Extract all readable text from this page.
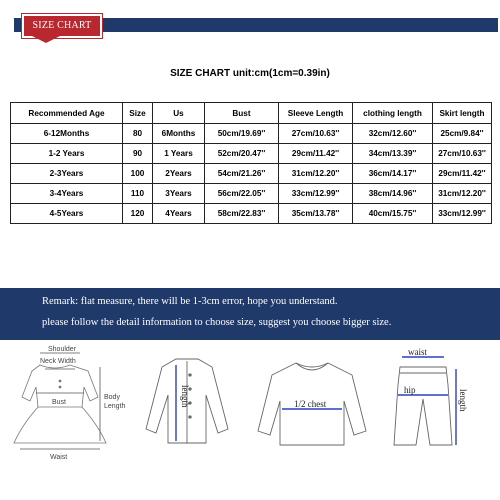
SIZE CHART
SIZE CHART unit:cm(1cm=0.39in)
Recommended Age	Size	Us	Bust	Sleeve Length	clothing length	Skirt length
6-12Months	80	6Months	50cm/19.69''	27cm/10.63''	32cm/12.60''	25cm/9.84''
1-2 Years	90	1 Years	52cm/20.47''	29cm/11.42''	34cm/13.39''	27cm/10.63''
2-3Years	100	2Years	54cm/21.26''	31cm/12.20''	36cm/14.17''	29cm/11.42''
3-4Years	110	3Years	56cm/22.05''	33cm/12.99''	38cm/14.96''	31cm/12.20''
4-5Years	120	4Years	58cm/22.83''	35cm/13.78''	40cm/15.75''	33cm/12.99''
Remark: flat measure, there will be 1-3cm error, hope you understand.
please follow the detail information to choose size, suggest you choose bigger size.
Shoulder
Neck Width
Bust
Waist
Body
Length	length	1/2 chest
waist
hip	length
